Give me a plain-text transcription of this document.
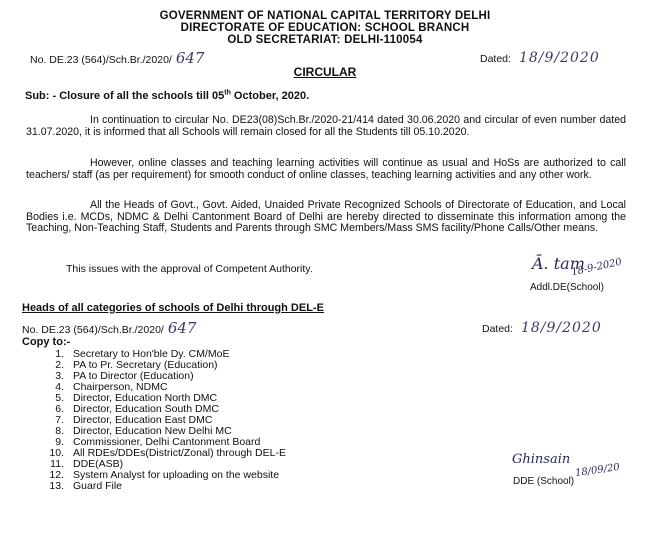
GOVERNMENT OF NATIONAL CAPITAL TERRITORY DELHI
DIRECTORATE OF EDUCATION: SCHOOL BRANCH
OLD SECRETARIAT: DELHI-110054
No. DE.23 (564)/Sch.Br./2020/ 647	Dated: 18/9/2020
CIRCULAR
Sub: - Closure of all the schools till 05th October, 2020.
In continuation to circular No. DE23(08)Sch.Br./2020-21/414 dated 30.06.2020 and circular of even number dated 31.07.2020, it is informed that all Schools will remain closed for all the Students till 05.10.2020.
However, online classes and teaching learning activities will continue as usual and HoSs are authorized to call teachers/ staff (as per requirement) for smooth conduct of online classes, teaching learning activities and any other work.
All the Heads of Govt., Govt. Aided, Unaided Private Recognized Schools of Directorate of Education, and Local Bodies i.e. MCDs, NDMC & Delhi Cantonment Board of Delhi are hereby directed to disseminate this information among the Teaching, Non-Teaching Staff, Students and Parents through SMC Members/Mass SMS facility/Phone Calls/Other means.
This issues with the approval of Competent Authority.	Ā. tam
18-9-2020
Addl.DE(School)
Heads of all categories of schools of Delhi through DEL-E
No. DE.23 (564)/Sch.Br./2020/ 647	Dated: 18/9/2020
Copy to:-
1. Secretary to Hon'ble Dy. CM/MoE
2. PA to Pr. Secretary (Education)
3. PA to Director (Education)
4. Chairperson, NDMC
5. Director, Education North DMC
6. Director, Education South DMC
7. Director, Education East DMC
8. Director, Education New Delhi MC
9. Commissioner, Delhi Cantonment Board
10. All RDEs/DDEs(District/Zonal) through DEL-E
11. DDE(ASB)
12. System Analyst for uploading on the website
13. Guard File
Ghinsain
18/09/20
DDE (School)
